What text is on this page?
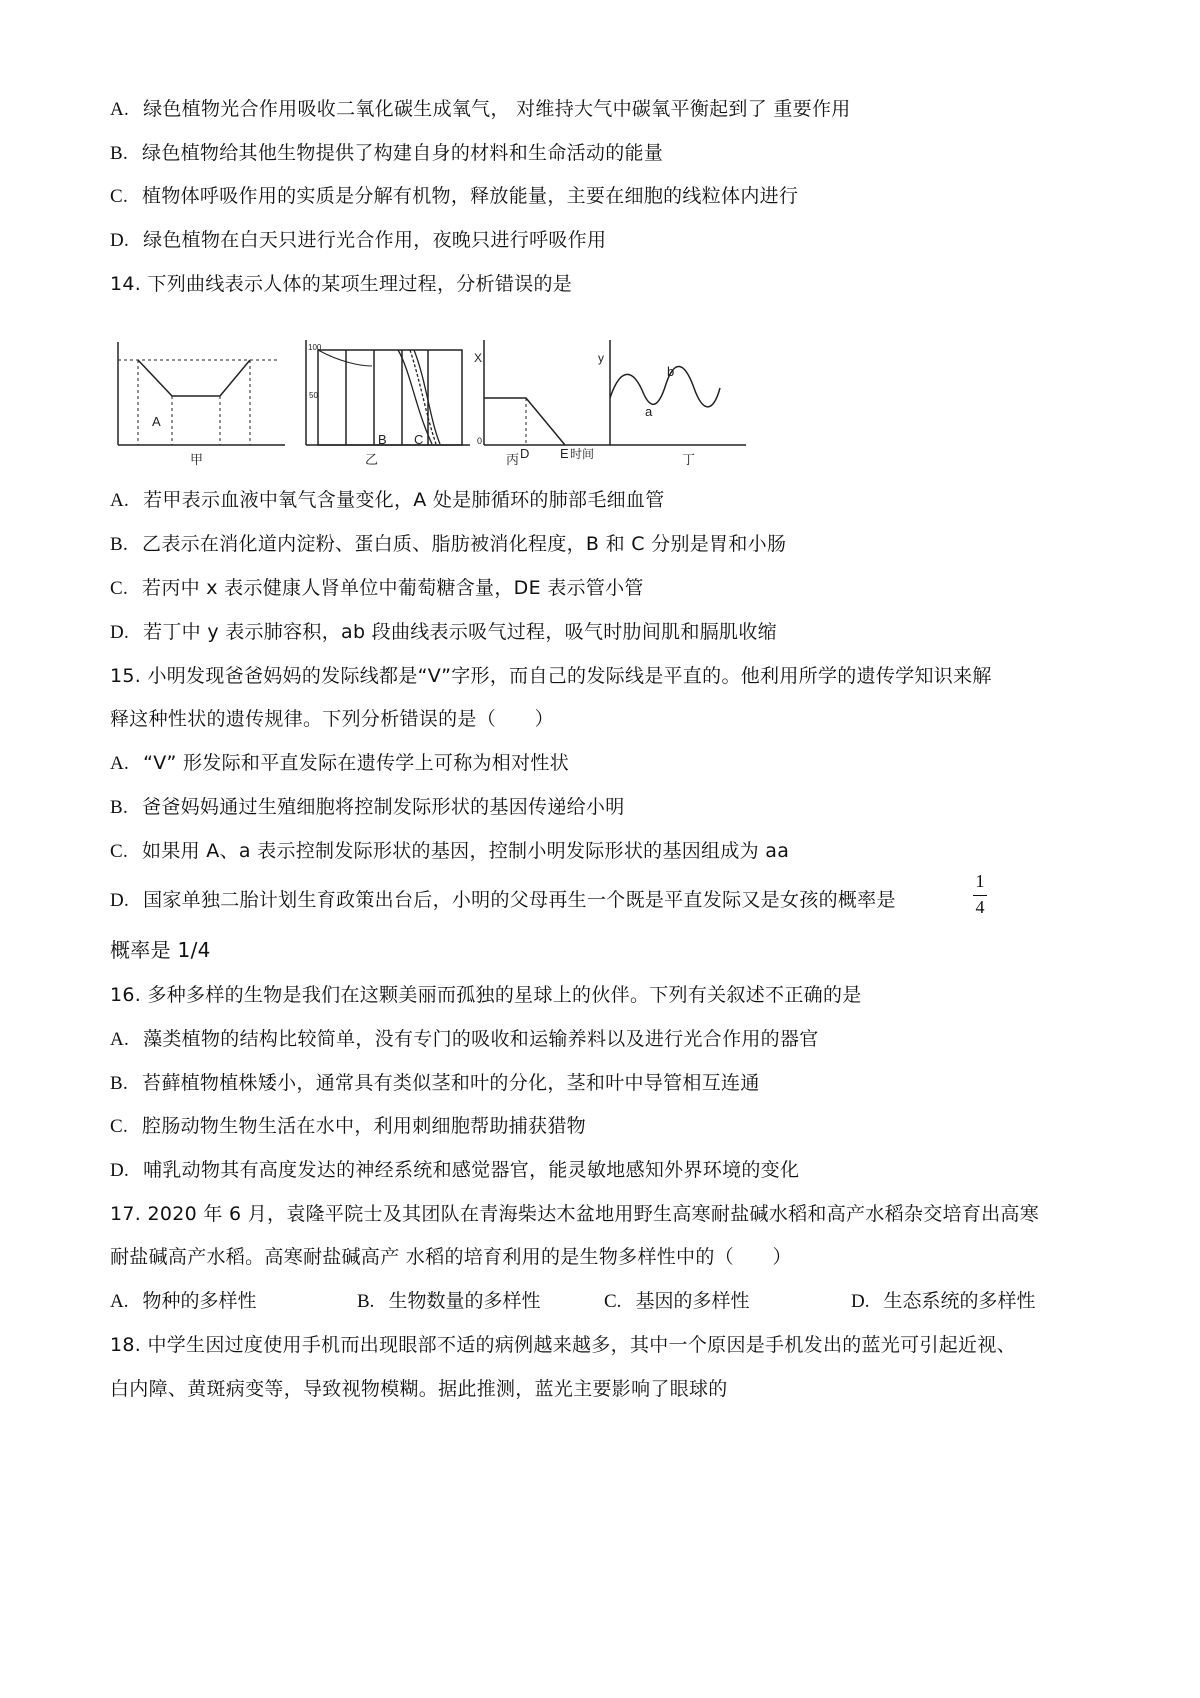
A. 绿色植物光合作用吸收二氧化碳生成氧气， 对维持大气中碳氧平衡起到了 重要作用
B. 绿色植物给其他生物提供了构建自身的材料和生命活动的能量
C. 植物体呼吸作用的实质是分解有机物，释放能量，主要在细胞的线粒体内进行
D. 绿色植物在白天只进行光合作用，夜晚只进行呼吸作用
14. 下列曲线表示人体的某项生理过程，分析错误的是
A
甲
100
50
B C
乙
X
0
D E 时间
丙
y
a
b
丁
A. 若甲表示血液中氧气含量变化，A 处是肺循环的肺部毛细血管
B. 乙表示在消化道内淀粉、蛋白质、脂肪被消化程度，B 和 C 分别是胃和小肠
C. 若丙中 x 表示健康人肾单位中葡萄糖含量，DE 表示管小管
D. 若丁中 y 表示肺容积，ab 段曲线表示吸气过程，吸气时肋间肌和膈肌收缩
15. 小明发现爸爸妈妈的发际线都是“V”字形，而自己的发际线是平直的。他利用所学的遗传学知识来解
释这种性状的遗传规律。下列分析错误的是（　　）
A. “V” 形发际和平直发际在遗传学上可称为相对性状
B. 爸爸妈妈通过生殖细胞将控制发际形状的基因传递给小明
C. 如果用 A、a 表示控制发际形状的基因，控制小明发际形状的基因组成为 aa
D. 国家单独二胎计划生育政策出台后，小明的父母再生一个既是平直发际又是女孩的概率是
1
4
概率是 1/4
16. 多种多样的生物是我们在这颗美丽而孤独的星球上的伙伴。下列有关叙述不正确的是
A. 藻类植物的结构比较简单，没有专门的吸收和运输养料以及进行光合作用的器官
B. 苔藓植物植株矮小，通常具有类似茎和叶的分化，茎和叶中导管相互连通
C. 腔肠动物生物生活在水中，利用刺细胞帮助捕获猎物
D. 哺乳动物其有高度发达的神经系统和感觉器官，能灵敏地感知外界环境的变化
17. 2020 年 6 月，袁隆平院士及其团队在青海柴达木盆地用野生高寒耐盐碱水稻和高产水稻杂交培育出高寒
耐盐碱高产水稻。高寒耐盐碱高产 水稻的培育利用的是生物多样性中的（　　）
A. 物种的多样性	B. 生物数量的多样性	C. 基因的多样性	D. 生态系统的多样性
18. 中学生因过度使用手机而出现眼部不适的病例越来越多，其中一个原因是手机发出的蓝光可引起近视、
白内障、黄斑病变等，导致视物模糊。据此推测，蓝光主要影响了眼球的
